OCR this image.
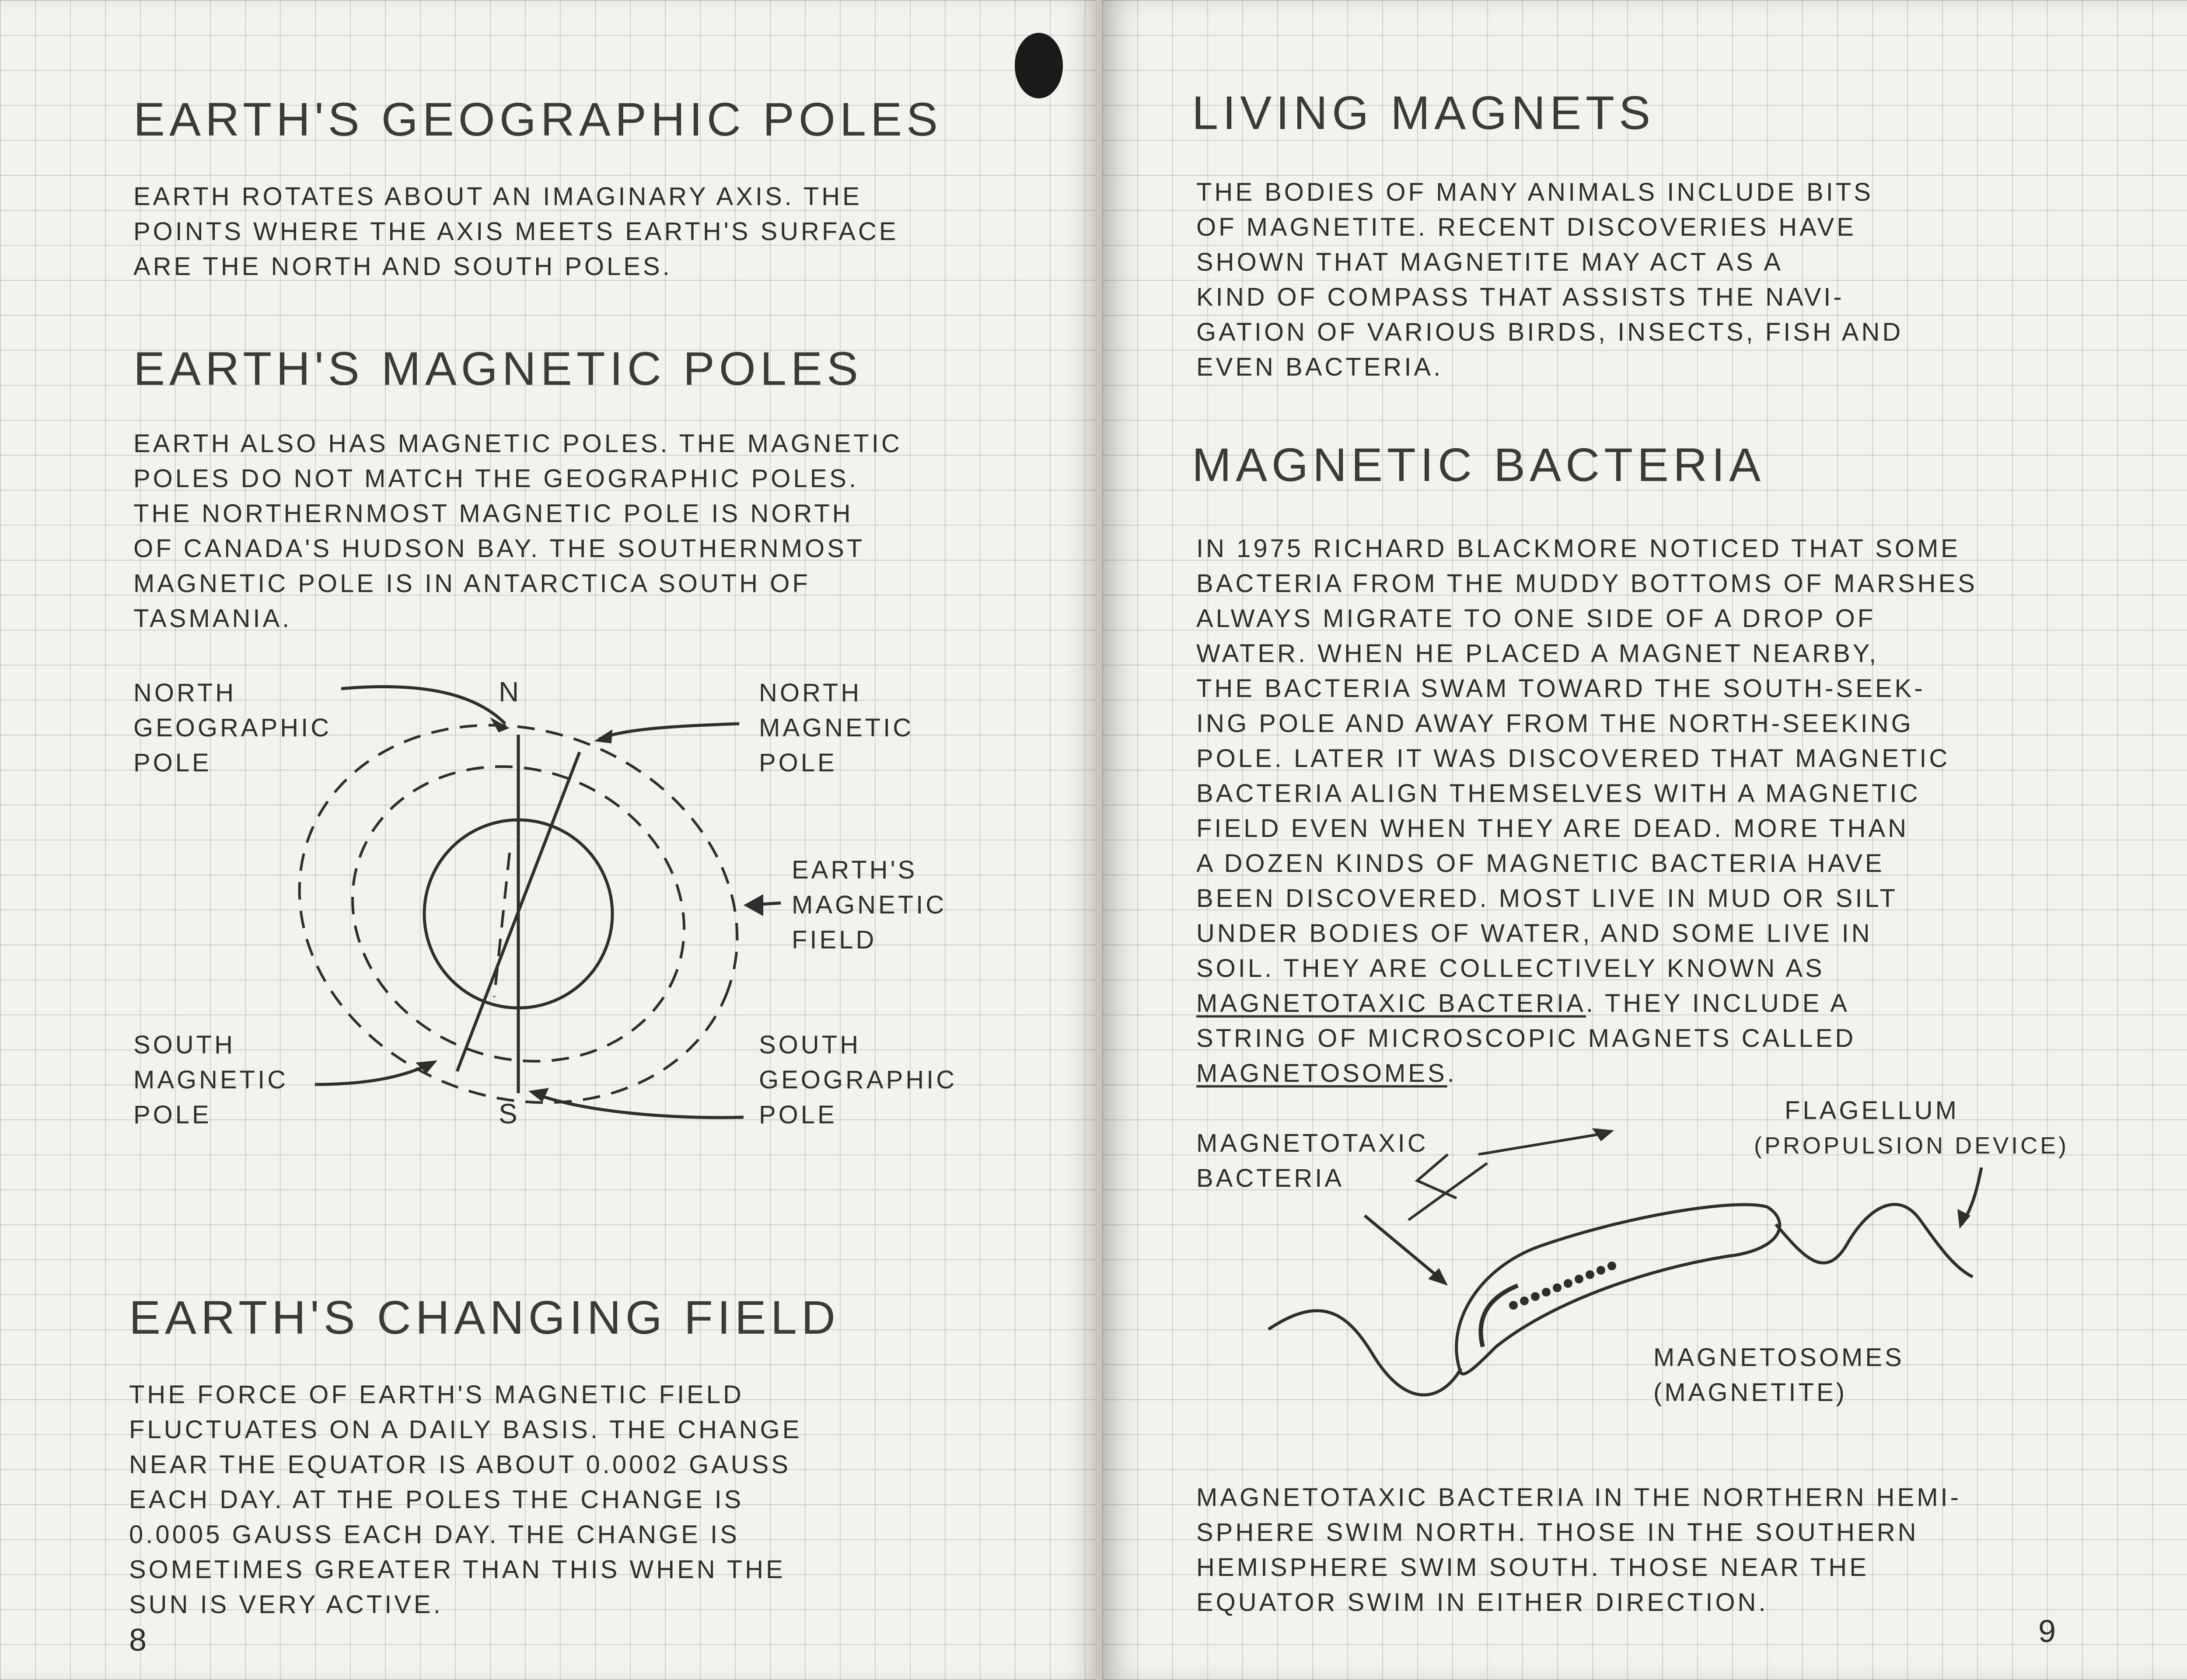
EARTH'S GEOGRAPHIC POLES

EARTH ROTATES ABOUT AN IMAGINARY AXIS. THE
POINTS WHERE THE AXIS MEETS EARTH'S SURFACE
ARE THE NORTH AND SOUTH POLES.

EARTH'S MAGNETIC POLES

EARTH ALSO HAS MAGNETIC POLES. THE MAGNETIC
POLES DO NOT MATCH THE GEOGRAPHIC POLES.
THE NORTHERNMOST MAGNETIC POLE IS NORTH
OF CANADA'S HUDSON BAY. THE SOUTHERNMOST
MAGNETIC POLE IS IN ANTARCTICA SOUTH OF
TASMANIA.

N
S

NORTH
GEOGRAPHIC
POLE

NORTH
MAGNETIC
POLE

EARTH'S
MAGNETIC
FIELD

SOUTH
MAGNETIC
POLE

SOUTH
GEOGRAPHIC
POLE

EARTH'S CHANGING FIELD

THE FORCE OF EARTH'S MAGNETIC FIELD
FLUCTUATES ON A DAILY BASIS. THE CHANGE
NEAR THE EQUATOR IS ABOUT 0.0002 GAUSS
EACH DAY. AT THE POLES THE CHANGE IS
0.0005 GAUSS EACH DAY. THE CHANGE IS
SOMETIMES GREATER THAN THIS WHEN THE
SUN IS VERY ACTIVE.

8
LIVING MAGNETS

THE BODIES OF MANY ANIMALS INCLUDE BITS
OF MAGNETITE. RECENT DISCOVERIES HAVE
SHOWN THAT MAGNETITE MAY ACT AS A
KIND OF COMPASS THAT ASSISTS THE NAVI-
GATION OF VARIOUS BIRDS, INSECTS, FISH AND
EVEN BACTERIA.

MAGNETIC BACTERIA
IN 1975 RICHARD BLACKMORE NOTICED THAT SOME
BACTERIA FROM THE MUDDY BOTTOMS OF MARSHES
ALWAYS MIGRATE TO ONE SIDE OF A DROP OF
WATER. WHEN HE PLACED A MAGNET NEARBY,
THE BACTERIA SWAM TOWARD THE SOUTH-SEEK-
ING POLE AND AWAY FROM THE NORTH-SEEKING
POLE. LATER IT WAS DISCOVERED THAT MAGNETIC
BACTERIA ALIGN THEMSELVES WITH A MAGNETIC
FIELD EVEN WHEN THEY ARE DEAD. MORE THAN
A DOZEN KINDS OF MAGNETIC BACTERIA HAVE
BEEN DISCOVERED. MOST LIVE IN MUD OR SILT
UNDER BODIES OF WATER, AND SOME LIVE IN
SOIL. THEY ARE COLLECTIVELY KNOWN AS
MAGNETOTAXIC BACTERIA. THEY INCLUDE A
STRING OF MICROSCOPIC MAGNETS CALLED
MAGNETOSOMES.

MAGNETOTAXIC
BACTERIA

FLAGELLUM

(PROPULSION DEVICE)

MAGNETOSOMES
(MAGNETITE)

MAGNETOTAXIC BACTERIA IN THE NORTHERN HEMI-
SPHERE SWIM NORTH. THOSE IN THE SOUTHERN
HEMISPHERE SWIM SOUTH. THOSE NEAR THE
EQUATOR SWIM IN EITHER DIRECTION.

9
